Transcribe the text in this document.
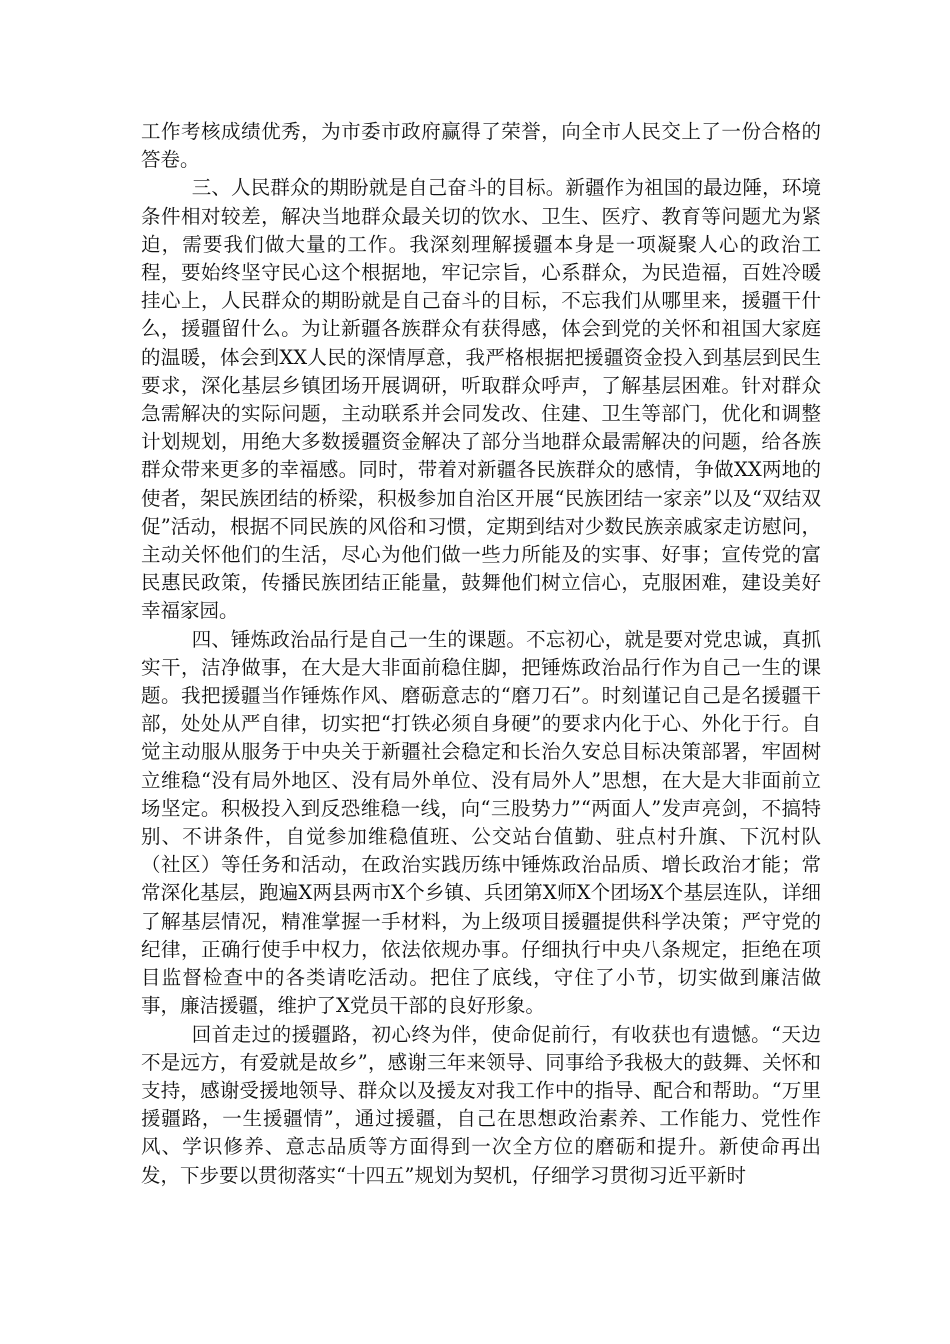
工作考核成绩优秀，为市委市政府赢得了荣誉，向全市人民交上了一份合格的答卷。

三、人民群众的期盼就是自己奋斗的目标。新疆作为祖国的最边陲，环境条件相对较差，解决当地群众最关切的饮水、卫生、医疗、教育等问题尤为紧迫，需要我们做大量的工作。我深刻理解援疆本身是一项凝聚人心的政治工程，要始终坚守民心这个根据地，牢记宗旨，心系群众，为民造福，百姓冷暖挂心上，人民群众的期盼就是自己奋斗的目标，不忘我们从哪里来，援疆干什么，援疆留什么。为让新疆各族群众有获得感，体会到党的关怀和祖国大家庭的温暖，体会到XX人民的深情厚意，我严格根据把援疆资金投入到基层到民生要求，深化基层乡镇团场开展调研，听取群众呼声，了解基层困难。针对群众急需解决的实际问题，主动联系并会同发改、住建、卫生等部门，优化和调整计划规划，用绝大多数援疆资金解决了部分当地群众最需解决的问题，给各族群众带来更多的幸福感。同时，带着对新疆各民族群众的感情，争做XX两地的使者，架民族团结的桥梁，积极参加自治区开展“民族团结一家亲”以及“双结双促”活动，根据不同民族的风俗和习惯，定期到结对少数民族亲戚家走访慰问，主动关怀他们的生活，尽心为他们做一些力所能及的实事、好事；宣传党的富民惠民政策，传播民族团结正能量，鼓舞他们树立信心，克服困难，建设美好幸福家园。

四、锤炼政治品行是自己一生的课题。不忘初心，就是要对党忠诚，真抓实干，洁净做事，在大是大非面前稳住脚，把锤炼政治品行作为自己一生的课题。我把援疆当作锤炼作风、磨砺意志的“磨刀石”。时刻谨记自己是名援疆干部，处处从严自律，切实把“打铁必须自身硬”的要求内化于心、外化于行。自觉主动服从服务于中央关于新疆社会稳定和长治久安总目标决策部署，牢固树立维稳“没有局外地区、没有局外单位、没有局外人”思想，在大是大非面前立场坚定。积极投入到反恐维稳一线，向“三股势力”“两面人”发声亮剑，不搞特别、不讲条件，自觉参加维稳值班、公交站台值勤、驻点村升旗、下沉村队（社区）等任务和活动，在政治实践历练中锤炼政治品质、增长政治才能；常常深化基层，跑遍X两县两市X个乡镇、兵团第X师X个团场X个基层连队，详细了解基层情况，精准掌握一手材料，为上级项目援疆提供科学决策；严守党的纪律，正确行使手中权力，依法依规办事。仔细执行中央八条规定，拒绝在项目监督检查中的各类请吃活动。把住了底线，守住了小节，切实做到廉洁做事，廉洁援疆，维护了X党员干部的良好形象。

回首走过的援疆路，初心终为伴，使命促前行，有收获也有遗憾。“天边不是远方，有爱就是故乡”，感谢三年来领导、同事给予我极大的鼓舞、关怀和支持，感谢受援地领导、群众以及援友对我工作中的指导、配合和帮助。“万里援疆路，一生援疆情”，通过援疆，自己在思想政治素养、工作能力、党性作风、学识修养、意志品质等方面得到一次全方位的磨砺和提升。新使命再出发，下步要以贯彻落实“十四五”规划为契机，仔细学习贯彻习近平新时
